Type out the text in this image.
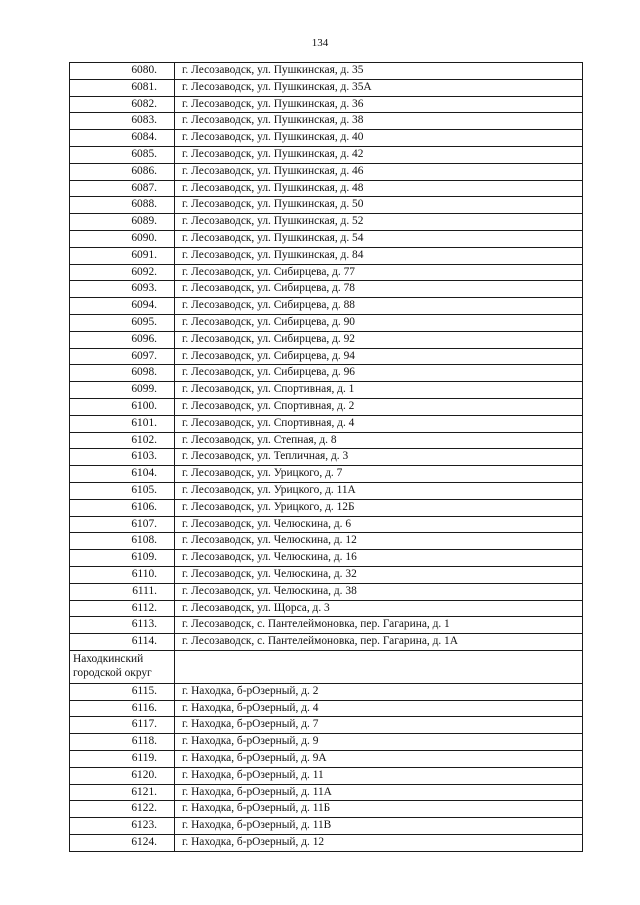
134
6080.	г. Лесозаводск, ул. Пушкинская, д. 35
6081.	г. Лесозаводск, ул. Пушкинская, д. 35А
6082.	г. Лесозаводск, ул. Пушкинская, д. 36
6083.	г. Лесозаводск, ул. Пушкинская, д. 38
6084.	г. Лесозаводск, ул. Пушкинская, д. 40
6085.	г. Лесозаводск, ул. Пушкинская, д. 42
6086.	г. Лесозаводск, ул. Пушкинская, д. 46
6087.	г. Лесозаводск, ул. Пушкинская, д. 48
6088.	г. Лесозаводск, ул. Пушкинская, д. 50
6089.	г. Лесозаводск, ул. Пушкинская, д. 52
6090.	г. Лесозаводск, ул. Пушкинская, д. 54
6091.	г. Лесозаводск, ул. Пушкинская, д. 84
6092.	г. Лесозаводск, ул. Сибирцева, д. 77
6093.	г. Лесозаводск, ул. Сибирцева, д. 78
6094.	г. Лесозаводск, ул. Сибирцева, д. 88
6095.	г. Лесозаводск, ул. Сибирцева, д. 90
6096.	г. Лесозаводск, ул. Сибирцева, д. 92
6097.	г. Лесозаводск, ул. Сибирцева, д. 94
6098.	г. Лесозаводск, ул. Сибирцева, д. 96
6099.	г. Лесозаводск, ул. Спортивная, д. 1
6100.	г. Лесозаводск, ул. Спортивная, д. 2
6101.	г. Лесозаводск, ул. Спортивная, д. 4
6102.	г. Лесозаводск, ул. Степная, д. 8
6103.	г. Лесозаводск, ул. Тепличная, д. 3
6104.	г. Лесозаводск, ул. Урицкого, д. 7
6105.	г. Лесозаводск, ул. Урицкого, д. 11А
6106.	г. Лесозаводск, ул. Урицкого, д. 12Б
6107.	г. Лесозаводск, ул. Челюскина, д. 6
6108.	г. Лесозаводск, ул. Челюскина, д. 12
6109.	г. Лесозаводск, ул. Челюскина, д. 16
6110.	г. Лесозаводск, ул. Челюскина, д. 32
6111.	г. Лесозаводск, ул. Челюскина, д. 38
6112.	г. Лесозаводск, ул. Щорса, д. 3
6113.	г. Лесозаводск, с. Пантелеймоновка, пер. Гагарина, д. 1
6114.	г. Лесозаводск, с. Пантелеймоновка, пер. Гагарина, д. 1А
Находкинский городской округ	
6115.	г. Находка, б-рОзерный, д. 2
6116.	г. Находка, б-рОзерный, д. 4
6117.	г. Находка, б-рОзерный, д. 7
6118.	г. Находка, б-рОзерный, д. 9
6119.	г. Находка, б-рОзерный, д. 9А
6120.	г. Находка, б-рОзерный, д. 11
6121.	г. Находка, б-рОзерный, д. 11А
6122.	г. Находка, б-рОзерный, д. 11Б
6123.	г. Находка, б-рОзерный, д. 11В
6124.	г. Находка, б-рОзерный, д. 12
